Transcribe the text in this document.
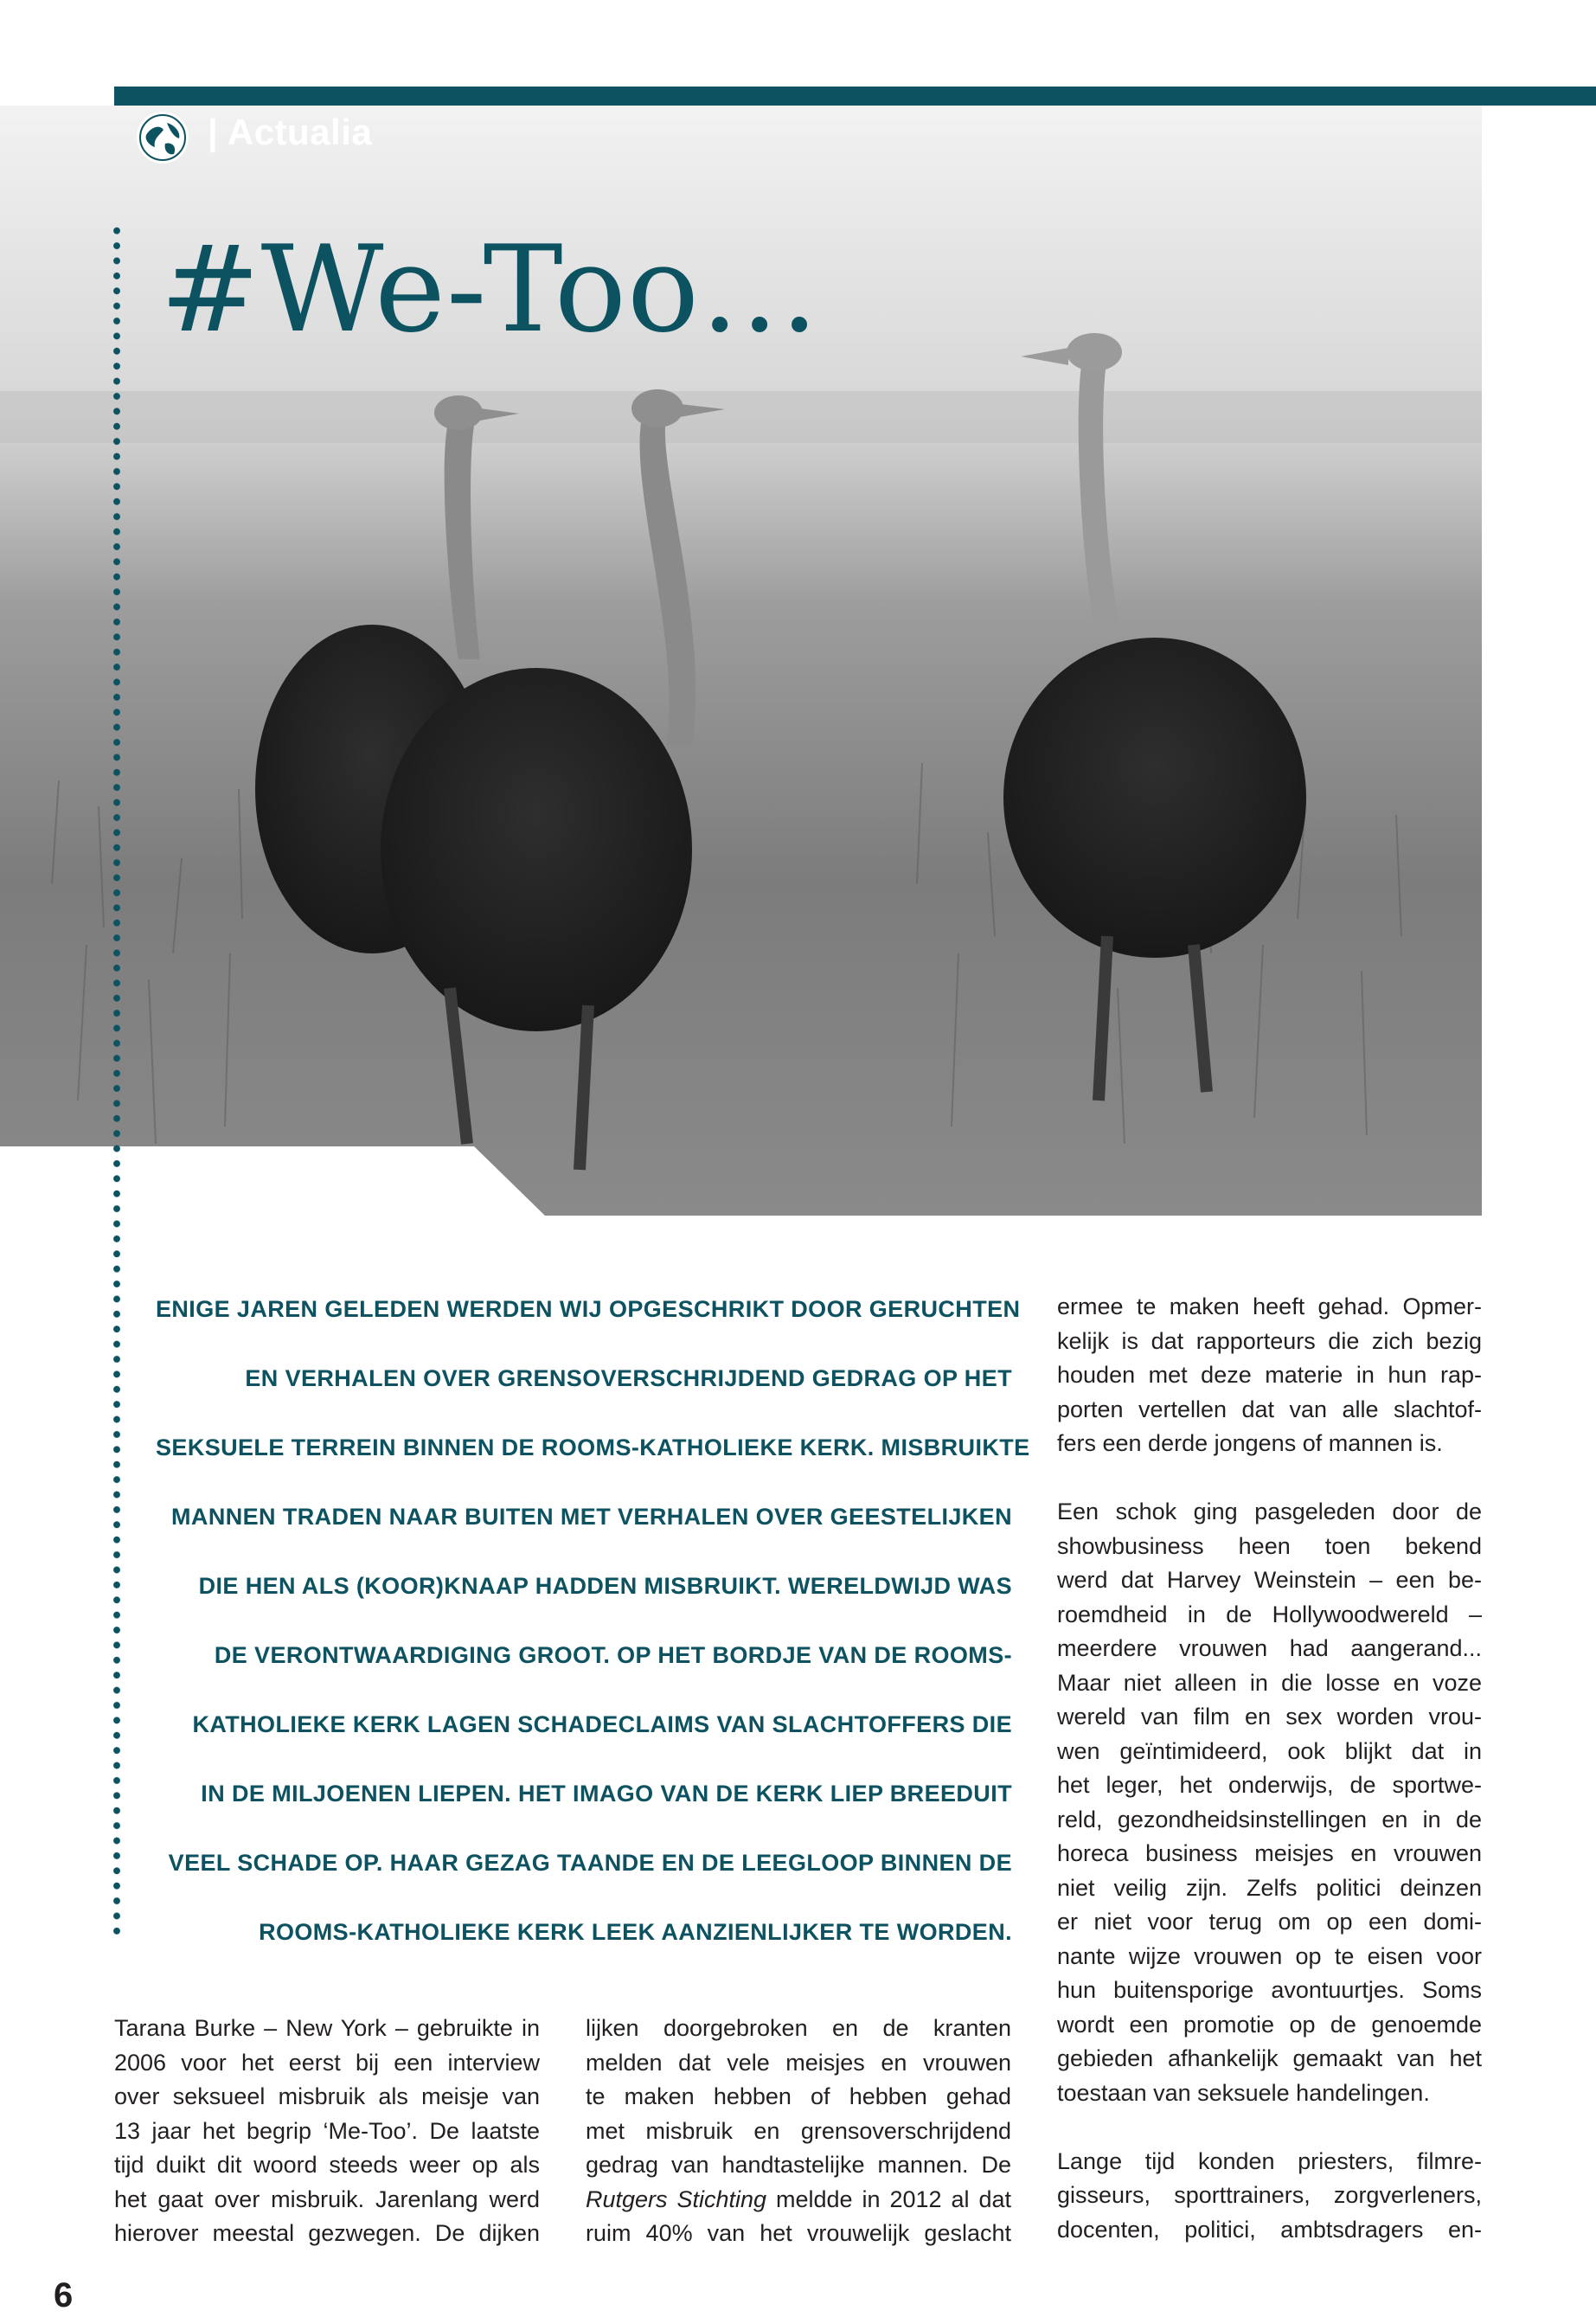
| Actualia
#We-Too…
ENIGE JAREN GELEDEN WERDEN WIJ OPGESCHRIKT DOOR GERUCHTEN
EN VERHALEN OVER GRENSOVERSCHRIJDEND GEDRAG OP HET
SEKSUELE TERREIN BINNEN DE ROOMS-KATHOLIEKE KERK. MISBRUIKTE
MANNEN TRADEN NAAR BUITEN MET VERHALEN OVER GEESTELIJKEN
DIE HEN ALS (KOOR)KNAAP HADDEN MISBRUIKT. WERELDWIJD WAS
DE VERONTWAARDIGING GROOT. OP HET BORDJE VAN DE ROOMS-
KATHOLIEKE KERK LAGEN SCHADECLAIMS VAN SLACHTOFFERS DIE
IN DE MILJOENEN LIEPEN. HET IMAGO VAN DE KERK LIEP BREEDUIT
VEEL SCHADE OP. HAAR GEZAG TAANDE EN DE LEEGLOOP BINNEN DE
ROOMS-KATHOLIEKE KERK LEEK AANZIENLIJKER TE WORDEN.
Tarana Burke – New York – gebruikte in
2006 voor het eerst bij een interview
over seksueel misbruik als meisje van
13 jaar het begrip ‘Me-Too’. De laatste
tijd duikt dit woord steeds weer op als
het gaat over misbruik. Jarenlang werd
hierover meestal gezwegen. De dijken
lijken doorgebroken en de kranten
melden dat vele meisjes en vrouwen
te maken hebben of hebben gehad
met misbruik en grensoverschrijdend
gedrag van handtastelijke mannen. De
Rutgers Stichting meldde in 2012 al dat
ruim 40% van het vrouwelijk geslacht
ermee te maken heeft gehad. Opmer-
kelijk is dat rapporteurs die zich bezig
houden met deze materie in hun rap-
porten vertellen dat van alle slachtof-
fers een derde jongens of mannen is.
Een schok ging pasgeleden door de
showbusiness heen toen bekend
werd dat Harvey Weinstein – een be-
roemdheid in de Hollywoodwereld –
meerdere vrouwen had aangerand...
Maar niet alleen in die losse en voze
wereld van film en sex worden vrou-
wen geïntimideerd, ook blijkt dat in
het leger, het onderwijs, de sportwe-
reld, gezondheidsinstellingen en in de
horeca business meisjes en vrouwen
niet veilig zijn. Zelfs politici deinzen
er niet voor terug om op een domi-
nante wijze vrouwen op te eisen voor
hun buitensporige avontuurtjes. Soms
wordt een promotie op de genoemde
gebieden afhankelijk gemaakt van het
toestaan van seksuele handelingen.
Lange tijd konden priesters, filmre-
gisseurs, sporttrainers, zorgverleners,
docenten, politici, ambtsdragers en-
6
